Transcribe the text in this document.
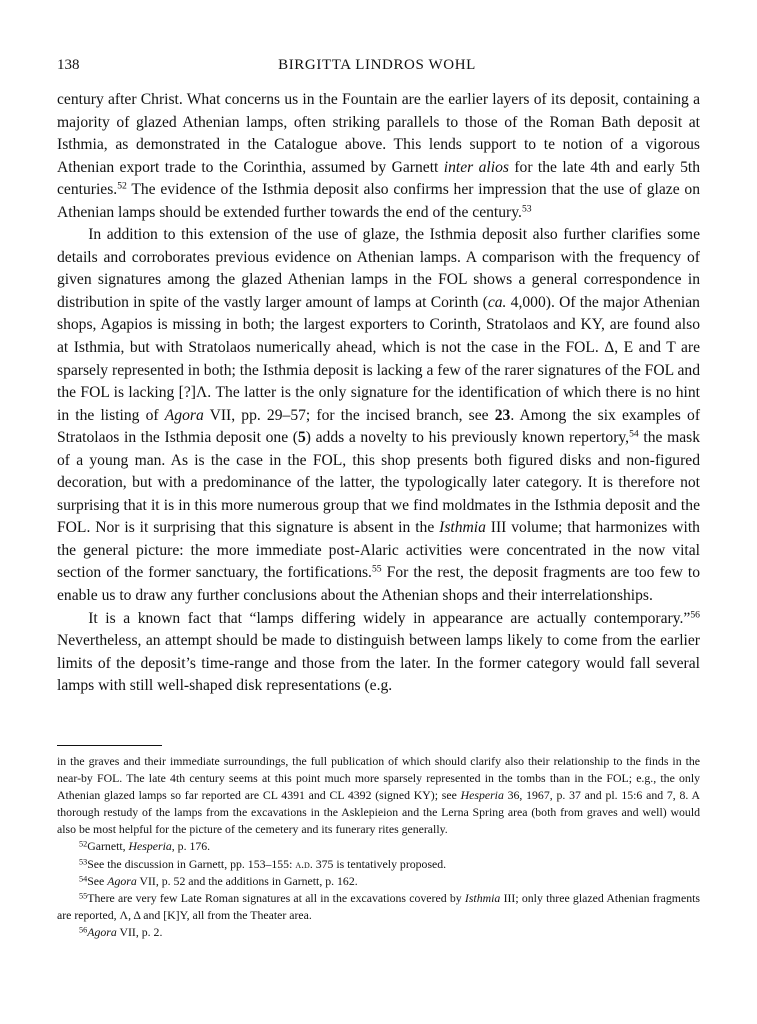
138	BIRGITTA LINDROS WOHL

century after Christ. What concerns us in the Fountain are the earlier layers of its deposit, containing a majority of glazed Athenian lamps, often striking parallels to those of the Roman Bath deposit at Isthmia, as demonstrated in the Catalogue above. This lends support to te notion of a vigorous Athenian export trade to the Corinthia, assumed by Garnett inter alios for the late 4th and early 5th centuries.$^{52}$ The evidence of the Isthmia deposit also confirms her impression that the use of glaze on Athenian lamps should be extended further towards the end of the century.$^{53}$

In addition to this extension of the use of glaze, the Isthmia deposit also further clarifies some details and corroborates previous evidence on Athenian lamps. A comparison with the frequency of given signatures among the glazed Athenian lamps in the FOL shows a general correspondence in distribution in spite of the vastly larger amount of lamps at Corinth (ca. 4,000). Of the major Athenian shops, Agapios is missing in both; the largest exporters to Corinth, Stratolaos and KY, are found also at Isthmia, but with Stratolaos numerically ahead, which is not the case in the FOL. Δ, E and T are sparsely represented in both; the Isthmia deposit is lacking a few of the rarer signatures of the FOL and the FOL is lacking [?]Λ. The latter is the only signature for the identification of which there is no hint in the listing of Agora VII, pp. 29–57; for the incised branch, see 23. Among the six examples of Stratolaos in the Isthmia deposit one (5) adds a novelty to his previously known repertory,$^{54}$ the mask of a young man. As is the case in the FOL, this shop presents both figured disks and non-figured decoration, but with a predominance of the latter, the typologically later category. It is therefore not surprising that it is in this more numerous group that we find moldmates in the Isthmia deposit and the FOL. Nor is it surprising that this signature is absent in the Isthmia III volume; that harmonizes with the general picture: the more immediate post-Alaric activities were concentrated in the now vital section of the former sanctuary, the fortifications.$^{55}$ For the rest, the deposit fragments are too few to enable us to draw any further conclusions about the Athenian shops and their interrelationships.

It is a known fact that “lamps differing widely in appearance are actually contemporary.”$^{56}$ Nevertheless, an attempt should be made to distinguish between lamps likely to come from the earlier limits of the deposit’s time-range and those from the later. In the former category would fall several lamps with still well-shaped disk representations (e.g.

in the graves and their immediate surroundings, the full publication of which should clarify also their relationship to the finds in the near-by FOL. The late 4th century seems at this point much more sparsely represented in the tombs than in the FOL; e.g., the only Athenian glazed lamps so far reported are CL 4391 and CL 4392 (signed KY); see Hesperia 36, 1967, p. 37 and pl. 15:6 and 7, 8. A thorough restudy of the lamps from the excavations in the Asklepieion and the Lerna Spring area (both from graves and well) would also be most helpful for the picture of the cemetery and its funerary rites generally.

$^{52}$Garnett, Hesperia, p. 176.

$^{53}$See the discussion in Garnett, pp. 153–155: a.d. 375 is tentatively proposed.

$^{54}$See Agora VII, p. 52 and the additions in Garnett, p. 162.

$^{55}$There are very few Late Roman signatures at all in the excavations covered by Isthmia III; only three glazed Athenian fragments are reported, Λ, Δ and [K]Y, all from the Theater area.

$^{56}$Agora VII, p. 2.
